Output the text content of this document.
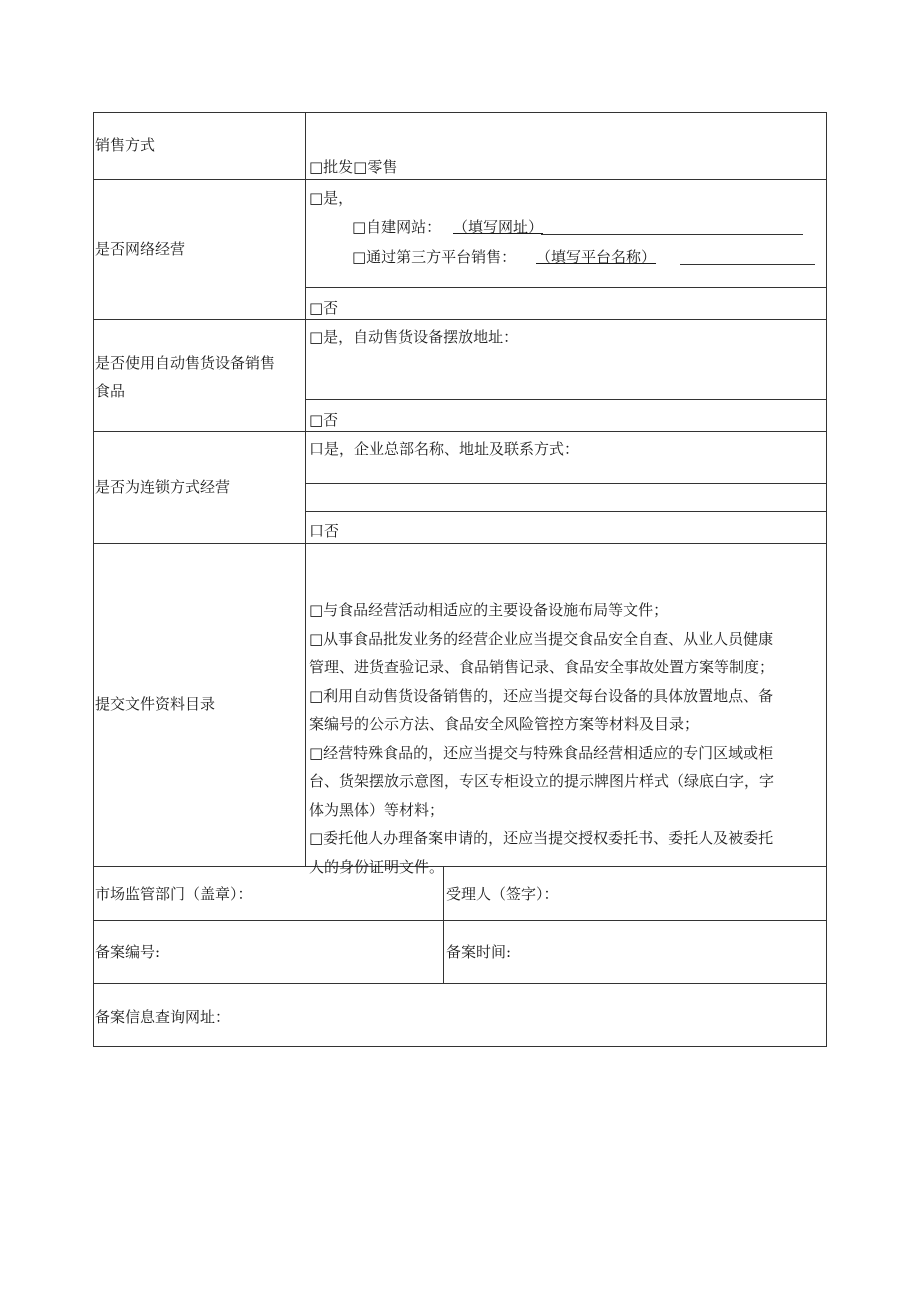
销售方式
□批发□零售
是否网络经营
□是，
□自建网站： （填写网址）
□通过第三方平台销售： （填写平台名称）
□否
是否使用自动售货设备销售
食品
□是，自动售货设备摆放地址：
□否
是否为连锁方式经营
口是，企业总部名称、地址及联系方式：
口否
提交文件资料目录
□与食品经营活动相适应的主要设备设施布局等文件；
□从事食品批发业务的经营企业应当提交食品安全自查、从业人员健康
管理、进货查验记录、食品销售记录、食品安全事故处置方案等制度；
□利用自动售货设备销售的，还应当提交每台设备的具体放置地点、备
案编号的公示方法、食品安全风险管控方案等材料及目录；
□经营特殊食品的，还应当提交与特殊食品经营相适应的专门区域或柜
台、货架摆放示意图，专区专柜设立的提示牌图片样式（绿底白字，字
体为黑体）等材料；
□委托他人办理备案申请的，还应当提交授权委托书、委托人及被委托
人的身份证明文件。
市场监管部门（盖章）：	受理人（签字）：
备案编号:	备案时间:
备案信息查询网址：
